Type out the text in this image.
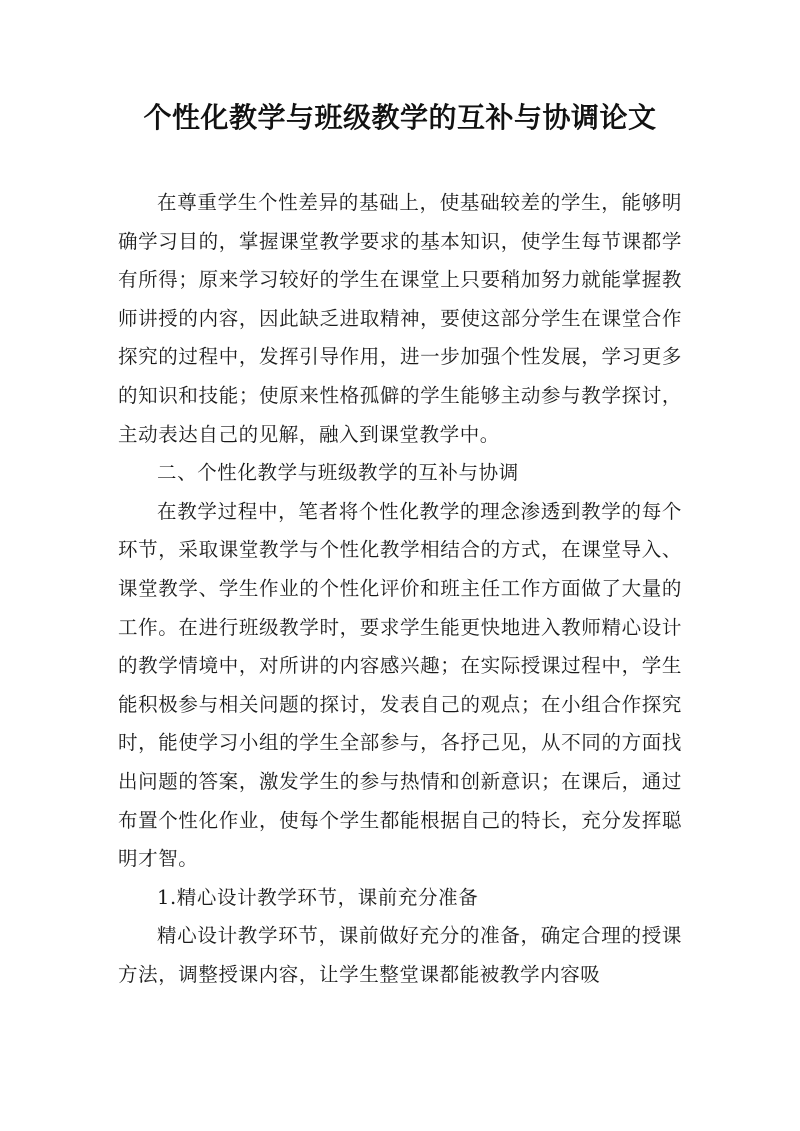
个性化教学与班级教学的互补与协调论文

在尊重学生个性差异的基础上，使基础较差的学生，能够明确学习目的，掌握课堂教学要求的基本知识，使学生每节课都学有所得；原来学习较好的学生在课堂上只要稍加努力就能掌握教师讲授的内容，因此缺乏进取精神，要使这部分学生在课堂合作探究的过程中，发挥引导作用，进一步加强个性发展，学习更多的知识和技能；使原来性格孤僻的学生能够主动参与教学探讨，主动表达自己的见解，融入到课堂教学中。

二、个性化教学与班级教学的互补与协调

在教学过程中，笔者将个性化教学的理念渗透到教学的每个环节，采取课堂教学与个性化教学相结合的方式，在课堂导入、课堂教学、学生作业的个性化评价和班主任工作方面做了大量的工作。在进行班级教学时，要求学生能更快地进入教师精心设计的教学情境中，对所讲的内容感兴趣；在实际授课过程中，学生能积极参与相关问题的探讨，发表自己的观点；在小组合作探究时，能使学习小组的学生全部参与，各抒己见，从不同的方面找出问题的答案，激发学生的参与热情和创新意识；在课后，通过布置个性化作业，使每个学生都能根据自己的特长，充分发挥聪明才智。

1.精心设计教学环节，课前充分准备

精心设计教学环节，课前做好充分的准备，确定合理的授课方法，调整授课内容，让学生整堂课都能被教学内容吸
